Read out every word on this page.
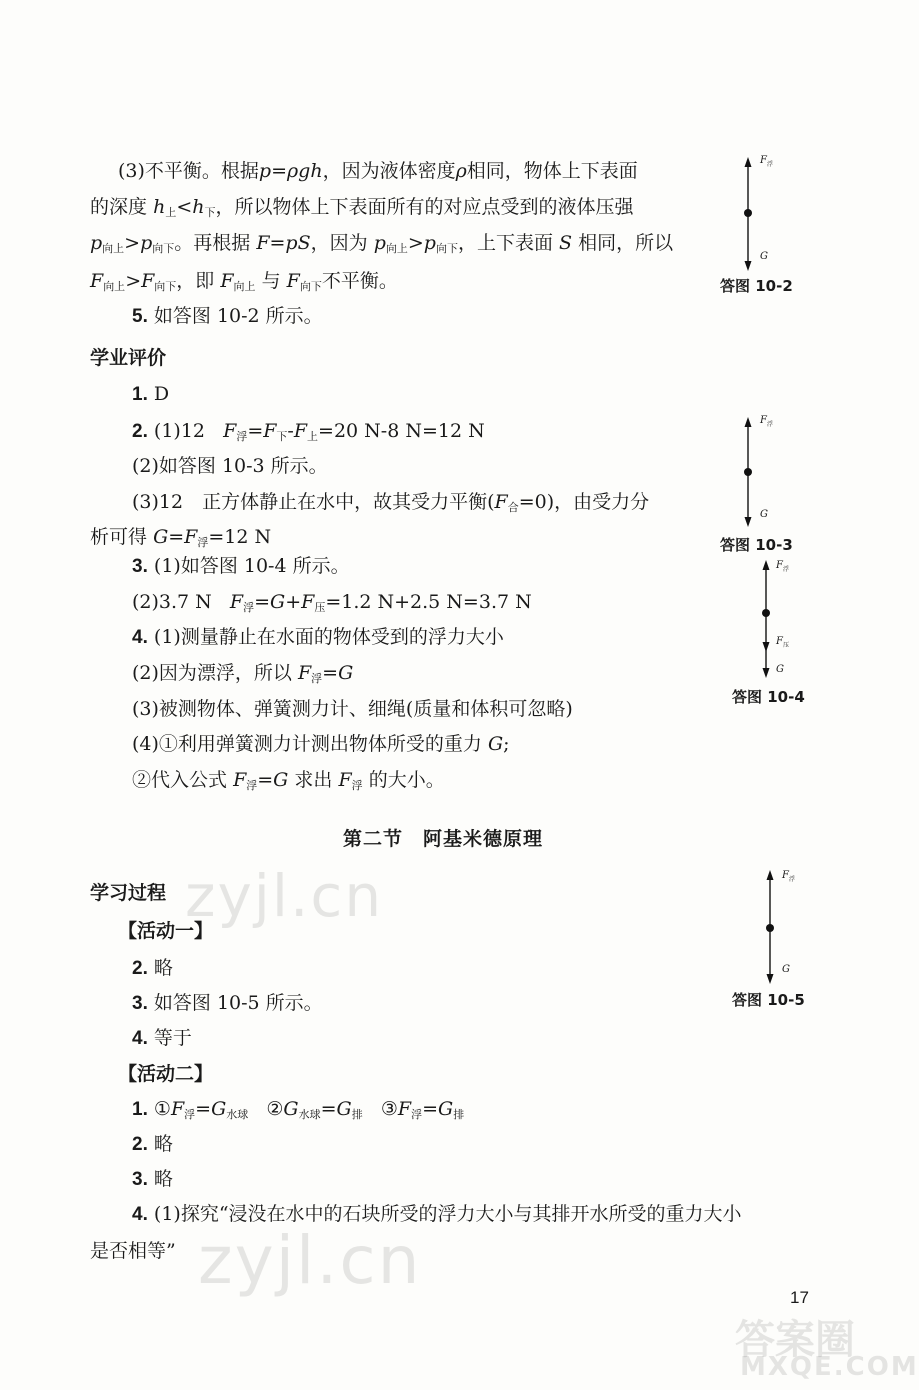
(3)不平衡。根据p=ρgh，因为液体密度ρ相同，物体上下表面
的深度 $h_上<h_下$，所以物体上下表面所有的对应点受到的液体压强
$p_{向上}>p_{向下}$。再根据 F=pS，因为 $p_{向上}>p_{向下}$，上下表面 S 相同，所以
$F_{向上}>F_{向下}$，即 $F_{向上}$ 与 $F_{向下}$不平衡。
5. 如答图 10-2 所示。
学业评价
1. D
2. (1)12 $F_浮=F_下-F_上=20$ N-8 N=12 N
(2)如答图 10-3 所示。
(3)12　正方体静止在水中，故其受力平衡$(F_合=0)$，由受力分
析可得 $G=F_浮=12$ N
3. (1)如答图 10-4 所示。
(2)3.7 N $F_浮=G+F_压=1.2$ N+2.5 N=3.7 N
4. (1)测量静止在水面的物体受到的浮力大小
(2)因为漂浮，所以 $F_浮=G$
(3)被测物体、弹簧测力计、细绳(质量和体积可忽略)
(4)①利用弹簧测力计测出物体所受的重力 G;
②代入公式 $F_浮=G$ 求出 $F_浮$ 的大小。
第二节　阿基米德原理
学习过程
【活动一】
2. 略
3. 如答图 10-5 所示。
4. 等于
【活动二】
1. $①F_浮=G_{水球}$ $②G_{水球}=G_排$ $③F_浮=G_排$
2. 略
3. 略
4. (1)探究“浸没在水中的石块所受的浮力大小与其排开水所受的重力大小
是否相等”
$F_浮$
G
答图 10-2
$F_浮$
G
答图 10-3
$F_浮$
$F_压$
G
答图 10-4
$F_浮$
G
答图 10-5
zyjl.cn
zyjl.cn	17
答案圈
MXQE.COM
